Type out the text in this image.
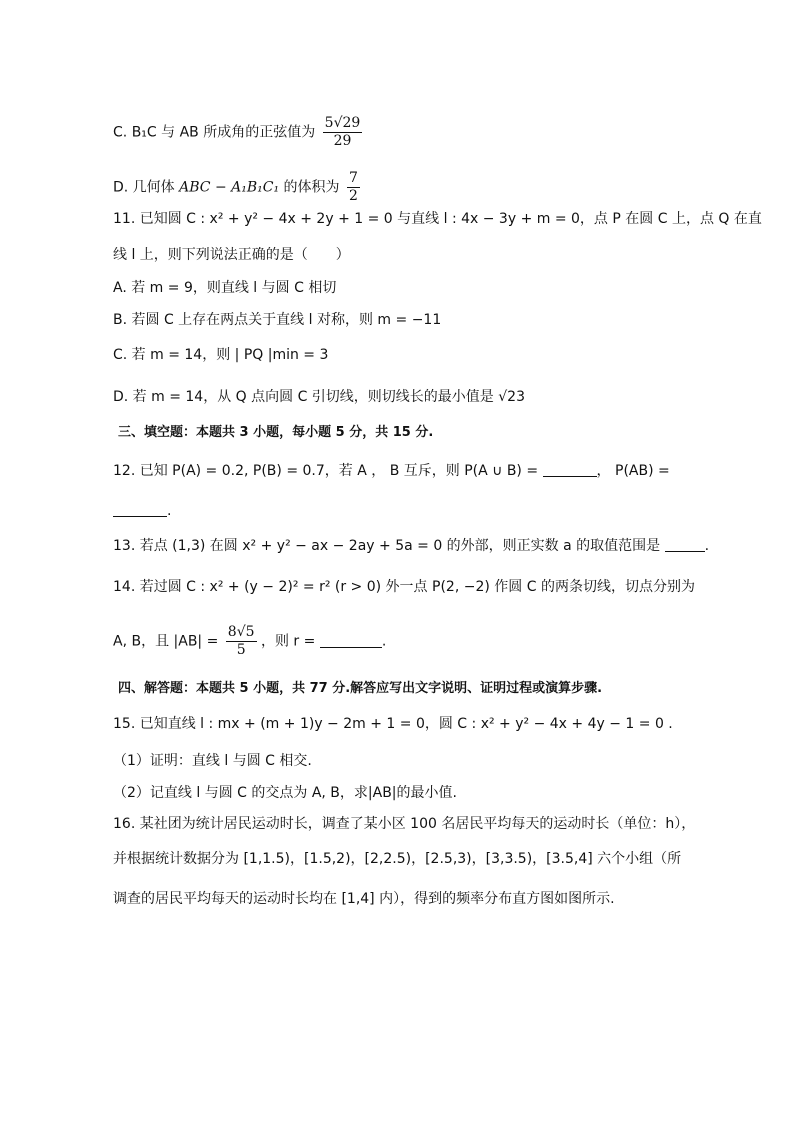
C. B₁C 与 AB 所成角的正弦值为 $\frac{5√29}{29}$
D. 几何体 ABC − A₁B₁C₁ 的体积为 $\frac{7}{2}$
11. 已知圆 C : x² + y² − 4x + 2y + 1 = 0 与直线 l : 4x − 3y + m = 0，点 P 在圆 C 上，点 Q 在直
线 l 上，则下列说法正确的是（　　）
A. 若 m = 9，则直线 l 与圆 C 相切
B. 若圆 C 上存在两点关于直线 l 对称，则 m = −11
C. 若 m = 14，则 | PQ |min = 3
D. 若 m = 14，从 Q 点向圆 C 引切线，则切线长的最小值是 √23
三、填空题：本题共 3 小题，每小题 5 分，共 15 分.
12. 已知 P(A) = 0.2, P(B) = 0.7，若 A ， B 互斥，则 P(A ∪ B) =	， P(AB) =
.
13. 若点 (1,3) 在圆 x² + y² − ax − 2ay + 5a = 0 的外部，则正实数 a 的取值范围是	.
14. 若过圆 C : x² + (y − 2)² = r² (r > 0) 外一点 P(2, −2) 作圆 C 的两条切线，切点分别为
A, B，且 $|AB| = \frac{8√5}{5}$ ，则 r =	.
四、解答题：本题共 5 小题，共 77 分.解答应写出文字说明、证明过程或演算步骤.
15. 已知直线 l : mx + (m + 1)y − 2m + 1 = 0，圆 C : x² + y² − 4x + 4y − 1 = 0 .
（1）证明：直线 l 与圆 C 相交.
（2）记直线 l 与圆 C 的交点为 A, B，求|AB|的最小值.
16. 某社团为统计居民运动时长，调查了某小区 100 名居民平均每天的运动时长（单位：h），
并根据统计数据分为 [1,1.5)，[1.5,2)，[2,2.5)，[2.5,3)，[3,3.5)，[3.5,4] 六个小组（所
调查的居民平均每天的运动时长均在 [1,4] 内），得到的频率分布直方图如图所示.
